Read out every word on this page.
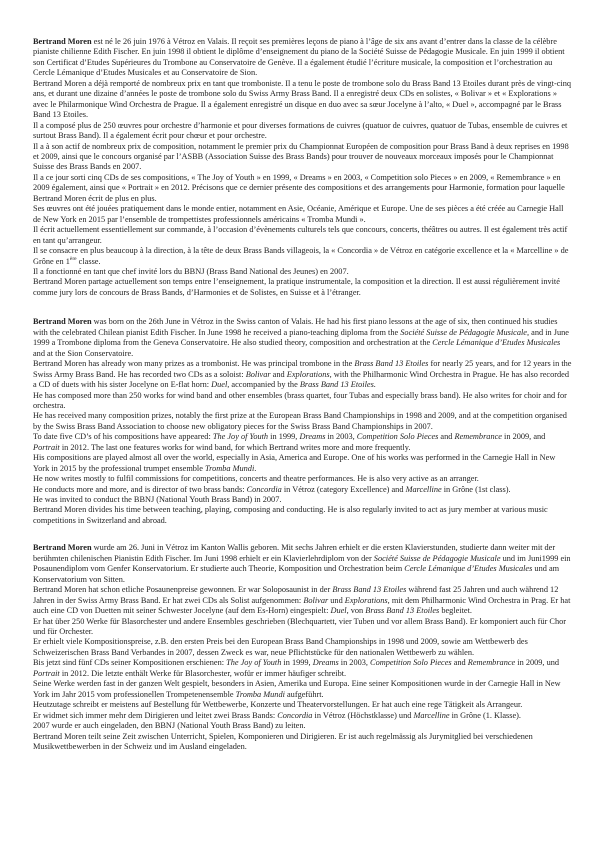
Bertrand Moren est né le 26 juin 1976 à Vétroz en Valais. Il reçoit ses premières leçons de piano à l’âge de six ans avant d’entrer dans la classe de la célèbre pianiste chilienne Edith Fischer. En juin 1998 il obtient le diplôme d’enseignement du piano de la Société Suisse de Pédagogie Musicale. En juin 1999 il obtient son Certificat d’Etudes Supérieures du Trombone au Conservatoire de Genève. Il a également étudié l’écriture musicale, la composition et l’orchestration au Cercle Lémanique d’Etudes Musicales et au Conservatoire de Sion.
Bertrand Moren a déjà remporté de nombreux prix en tant que tromboniste. Il a tenu le poste de trombone solo du Brass Band 13 Etoiles durant près de vingt-cinq ans, et durant une dizaine d’années le poste de trombone solo du Swiss Army Brass Band. Il a enregistré deux CDs en solistes, « Bolivar » et « Explorations » avec le Philarmonique Wind Orchestra de Prague. Il a également enregistré un disque en duo avec sa sœur Jocelyne à l’alto, « Duel », accompagné par le Brass Band 13 Etoiles.
Il a composé plus de 250 œuvres pour orchestre d’harmonie et pour diverses formations de cuivres (quatuor de cuivres, quatuor de Tubas, ensemble de cuivres et surtout Brass Band). Il a également écrit pour chœur et pour orchestre.
Il a à son actif de nombreux prix de composition, notamment le premier prix du Championnat Européen de composition pour Brass Band à deux reprises en 1998 et 2009, ainsi que le concours organisé par l’ASBB (Association Suisse des Brass Bands) pour trouver de nouveaux morceaux imposés pour le Championnat Suisse des Brass Bands en 2007.
Il a ce jour sorti cinq CDs de ses compositions, « The Joy of Youth » en 1999, « Dreams » en 2003, « Competition solo Pieces » en 2009, « Remembrance » en 2009 également, ainsi que « Portrait » en 2012. Précisons que ce dernier présente des compositions et des arrangements pour Harmonie, formation pour laquelle Bertrand Moren écrit de plus en plus.
Ses œuvres ont été jouées pratiquement dans le monde entier, notamment en Asie, Océanie, Amérique et Europe. Une de ses pièces a été créée au Carnegie Hall de New York en 2015 par l’ensemble de trompettistes professionnels américains « Tromba Mundi ».
Il écrit actuellement essentiellement sur commande, à l’occasion d’évènements culturels tels que concours, concerts, théâtres ou autres. Il est également très actif en tant qu’arrangeur.
Il se consacre en plus beaucoup à la direction, à la tête de deux Brass Bands villageois, la « Concordia » de Vétroz en catégorie excellence et la « Marcelline » de Grône en 1ère classe.
Il a fonctionné en tant que chef invité lors du BBNJ (Brass Band National des Jeunes) en 2007.
Bertrand Moren partage actuellement son temps entre l’enseignement, la pratique instrumentale, la composition et la direction. Il est aussi régulièrement invité comme jury lors de concours de Brass Bands, d’Harmonies et de Solistes, en Suisse et à l’étranger.
Bertrand Moren was born on the 26th June in Vétroz in the Swiss canton of Valais. He had his first piano lessons at the age of six, then continued his studies with the celebrated Chilean pianist Edith Fischer. In June 1998 he received a piano-teaching diploma from the Société Suisse de Pédagogie Musicale, and in June 1999 a Trombone diploma from the Geneva Conservatoire. He also studied theory, composition and orchestration at the Cercle Lémanique d’Etudes Musicales and at the Sion Conservatoire.
Bertrand Moren has already won many prizes as a trombonist. He was principal trombone in the Brass Band 13 Etoiles for nearly 25 years, and for 12 years in the Swiss Army Brass Band. He has recorded two CDs as a soloist: Bolivar and Explorations, with the Philharmonic Wind Orchestra in Prague. He has also recorded a CD of duets with his sister Jocelyne on E-flat horn: Duel, accompanied by the Brass Band 13 Etoiles.
He has composed more than 250 works for wind band and other ensembles (brass quartet, four Tubas and especially brass band). He also writes for choir and for orchestra.
He has received many composition prizes, notably the first prize at the European Brass Band Championships in 1998 and 2009, and at the competition organised by the Swiss Brass Band Association to choose new obligatory pieces for the Swiss Brass Band Championships in 2007.
To date five CD’s of his compositions have appeared: The Joy of Youth in 1999, Dreams in 2003, Competition Solo Pieces and Remembrance in 2009, and Portrait in 2012. The last one features works for wind band, for which Bertrand writes more and more frequently.
His compositions are played almost all over the world, especially in Asia, America and Europe. One of his works was performed in the Carnegie Hall in New York in 2015 by the professional trumpet ensemble Tromba Mundi.
He now writes mostly to fulfil commissions for competitions, concerts and theatre performances. He is also very active as an arranger.
He conducts more and more, and is director of two brass bands: Concordia in Vétroz (category Excellence) and Marcelline in Grône (1st class).
He was invited to conduct the BBNJ (National Youth Brass Band) in 2007.
Bertrand Moren divides his time between teaching, playing, composing and conducting. He is also regularly invited to act as jury member at various music competitions in Switzerland and abroad.
Bertrand Moren wurde am 26. Juni in Vétroz im Kanton Wallis geboren. Mit sechs Jahren erhielt er die ersten Klavierstunden, studierte dann weiter mit der berühmten chilenischen Pianistin Edith Fischer. Im Juni 1998 erhielt er ein Klavierlehrdiplom von der Société Suisse de Pédagogie Musicale und im Juni1999 ein Posaunendiplom vom Genfer Konservatorium. Er studierte auch Theorie, Komposition und Orchestration beim Cercle Lémanique d’Etudes Musicales und am Konservatorium von Sitten.
Bertrand Moren hat schon etliche Posaunenpreise gewonnen. Er war Soloposaunist in der Brass Band 13 Etoiles während fast 25 Jahren und auch während 12 Jahren in der Swiss Army Brass Band. Er hat zwei CDs als Solist aufgenommen: Bolivar und Explorations, mit dem Philharmonic Wind Orchestra in Prag. Er hat auch eine CD von Duetten mit seiner Schwester Jocelyne (auf dem Es-Horn) eingespielt: Duel, von Brass Band 13 Etoiles begleitet.
Er hat über 250 Werke für Blasorchester und andere Ensembles geschrieben (Blechquartett, vier Tuben und vor allem Brass Band). Er komponiert auch für Chor und für Orchester.
Er erhielt viele Kompositionspreise, z.B. den ersten Preis bei den European Brass Band Championships in 1998 und 2009, sowie am Wettbewerb des Schweizerischen Brass Band Verbandes in 2007, dessen Zweck es war, neue Pflichtstücke für den nationalen Wettbewerb zu wählen.
Bis jetzt sind fünf CDs seiner Kompositionen erschienen: The Joy of Youth in 1999, Dreams in 2003, Competition Solo Pieces and Remembrance in 2009, und Portrait in 2012. Die letzte enthält Werke für Blasorchester, wofür er immer häufiger schreibt.
Seine Werke werden fast in der ganzen Welt gespielt, besonders in Asien, Amerika und Europa. Eine seiner Kompositionen wurde in der Carnegie Hall in New York im Jahr 2015 vom professionellen Trompetenensemble Tromba Mundi aufgeführt.
Heutzutage schreibt er meistens auf Bestellung für Wettbewerbe, Konzerte und Theatervorstellungen. Er hat auch eine rege Tätigkeit als Arrangeur.
Er widmet sich immer mehr dem Dirigieren und leitet zwei Brass Bands: Concordia in Vétroz (Höchstklasse) und Marcelline in Grône (1. Klasse).
2007 wurde er auch eingeladen, den BBNJ (National Youth Brass Band) zu leiten.
Bertrand Moren teilt seine Zeit zwischen Unterricht, Spielen, Komponieren und Dirigieren. Er ist auch regelmässig als Jurymitglied bei verschiedenen Musikwettbewerben in der Schweiz und im Ausland eingeladen.
